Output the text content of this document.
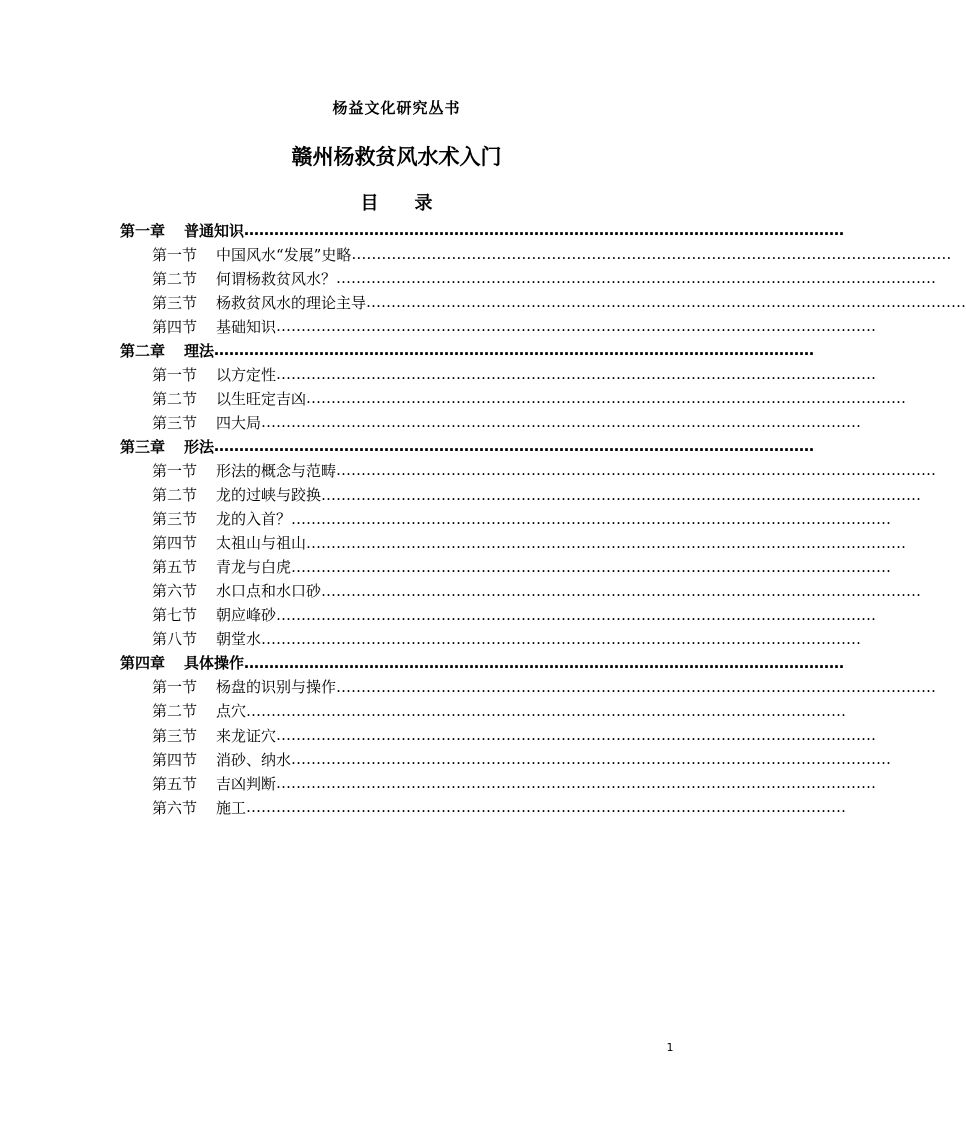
杨益文化研究丛书
赣州杨救贫风水术入门
目 录
第一章	普通知识 …………………………………………………………………………………………………………
第一节	中国风水“发展”史略 …………………………………………………………………………………………………………
第二节	何谓杨救贫风水？ …………………………………………………………………………………………………………
第三节	杨救贫风水的理论主导 …………………………………………………………………………………………………………
第四节	基础知识 …………………………………………………………………………………………………………
第二章	理法 …………………………………………………………………………………………………………
第一节	以方定性 …………………………………………………………………………………………………………
第二节	以生旺定吉凶 …………………………………………………………………………………………………………
第三节	四大局 …………………………………………………………………………………………………………
第三章	形法 …………………………………………………………………………………………………………
第一节	形法的概念与范畴 …………………………………………………………………………………………………………
第二节	龙的过峡与跤换 …………………………………………………………………………………………………………
第三节	龙的入首？ …………………………………………………………………………………………………………
第四节	太祖山与祖山 …………………………………………………………………………………………………………
第五节	青龙与白虎 …………………………………………………………………………………………………………
第六节	水口点和水口砂 …………………………………………………………………………………………………………
第七节	朝应峰砂 …………………………………………………………………………………………………………
第八节	朝堂水 …………………………………………………………………………………………………………
第四章	具体操作 …………………………………………………………………………………………………………
第一节	杨盘的识别与操作 …………………………………………………………………………………………………………
第二节	点穴 …………………………………………………………………………………………………………
第三节	来龙证穴 …………………………………………………………………………………………………………
第四节	消砂、纳水 …………………………………………………………………………………………………………
第五节	吉凶判断 …………………………………………………………………………………………………………
第六节	施工 …………………………………………………………………………………………………………
1
